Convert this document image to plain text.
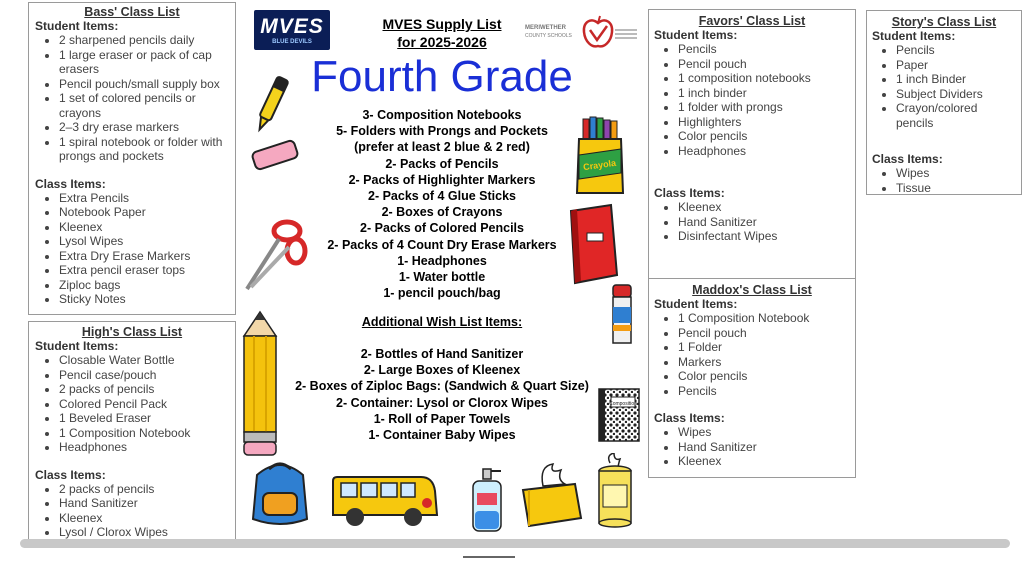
Bass' Class List

Student Items:

• 2 sharpened pencils daily
• 1 large eraser or pack of cap erasers
• Pencil pouch/small supply box
• 1 set of colored pencils or crayons
• 2–3 dry erase markers
• 1 spiral notebook or folder with prongs and pockets

Class Items:

• Extra Pencils
• Notebook Paper
• Kleenex
• Lysol Wipes
• Extra Dry Erase Markers
• Extra pencil eraser tops
• Ziploc bags
• Sticky Notes
High's Class List

Student Items:

• Closable Water Bottle
• Pencil case/pouch
• 2 packs of pencils
• Colored Pencil Pack
• 1 Beveled Eraser
• 1 Composition Notebook
• Headphones

Class Items:

• 2 packs of pencils
• Hand Sanitizer
• Kleenex
• Lysol / Clorox Wipes
Favors' Class List

Student Items:

• Pencils
• Pencil pouch
• 1 composition notebooks
• 1 inch binder
• 1 folder with prongs
• Highlighters
• Color pencils
• Headphones

Class Items:

• Kleenex
• Hand Sanitizer
• Disinfectant Wipes
Maddox's Class List

Student Items:

• 1 Composition Notebook
• Pencil pouch
• 1 Folder
• Markers
• Color pencils
• Pencils

Class Items:

• Wipes
• Hand Sanitizer
• Kleenex
Story's Class List

Student Items:

• Pencils
• Paper
• 1 inch Binder
• Subject Dividers
• Crayon/colored pencils

Class Items:

• Wipes
• Tissue
MVES
BLUE DEVILS
MVES Supply List
for 2025-2026
MERIWETHER
COUNTY SCHOOLS
Fourth Grade
3- Composition Notebooks
5- Folders with Prongs and Pockets
(prefer at least 2 blue & 2 red)
2- Packs of Pencils
2- Packs of Highlighter Markers
2- Packs of 4 Glue Sticks
2- Boxes of Crayons
2- Packs of Colored Pencils
2- Packs of 4 Count Dry Erase Markers
1- Headphones
1- Water bottle
1- pencil pouch/bag
Additional Wish List Items:
2- Bottles of Hand Sanitizer
2- Large Boxes of Kleenex
2- Boxes of Ziploc Bags: (Sandwich & Quart Size)
2- Container: Lysol or Clorox Wipes
1- Roll of Paper Towels
1- Container Baby Wipes
Crayola
Composition
